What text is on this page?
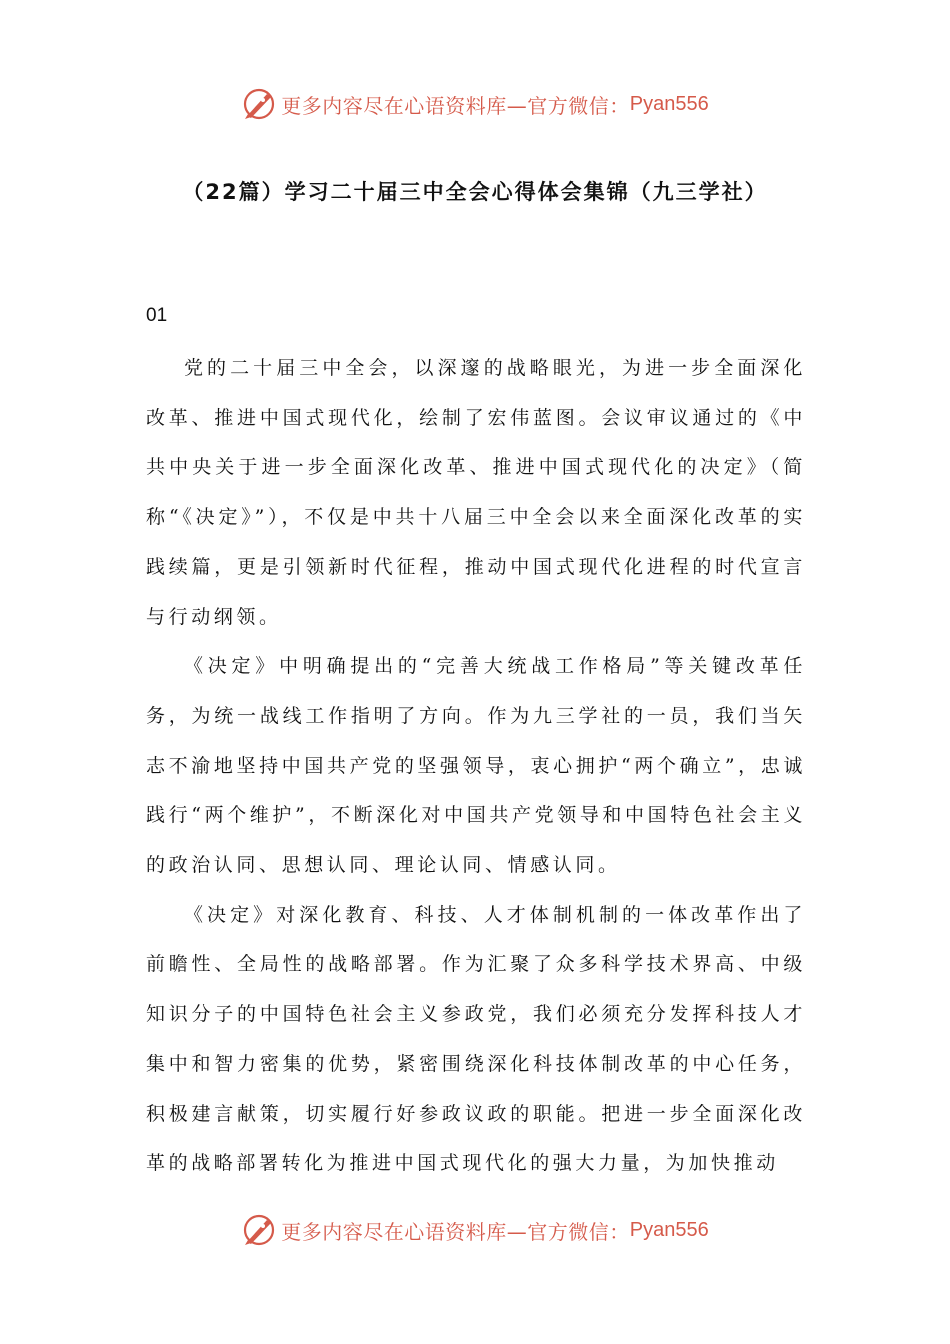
更多内容尽在心语资料库—官方微信： Pyan556
（22篇）学习二十届三中全会心得体会集锦（九三学社）
01

党的二十届三中全会，以深邃的战略眼光，为进一步全面深化改革、推进中国式现代化，绘制了宏伟蓝图。会议审议通过的《中共中央关于进一步全面深化改革、推进中国式现代化的决定》（简称“《决定》”），不仅是中共十八届三中全会以来全面深化改革的实践续篇，更是引领新时代征程，推动中国式现代化进程的时代宣言与行动纲领。

《决定》中明确提出的“完善大统战工作格局”等关键改革任务，为统一战线工作指明了方向。作为九三学社的一员，我们当矢志不渝地坚持中国共产党的坚强领导，衷心拥护“两个确立”，忠诚践行“两个维护”，不断深化对中国共产党领导和中国特色社会主义的政治认同、思想认同、理论认同、情感认同。

《决定》对深化教育、科技、人才体制机制的一体改革作出了前瞻性、全局性的战略部署。作为汇聚了众多科学技术界高、中级知识分子的中国特色社会主义参政党，我们必须充分发挥科技人才集中和智力密集的优势，紧密围绕深化科技体制改革的中心任务，积极建言献策，切实履行好参政议政的职能。把进一步全面深化改革的战略部署转化为推进中国式现代化的强大力量，为加快推动

更多内容尽在心语资料库—官方微信： Pyan556
